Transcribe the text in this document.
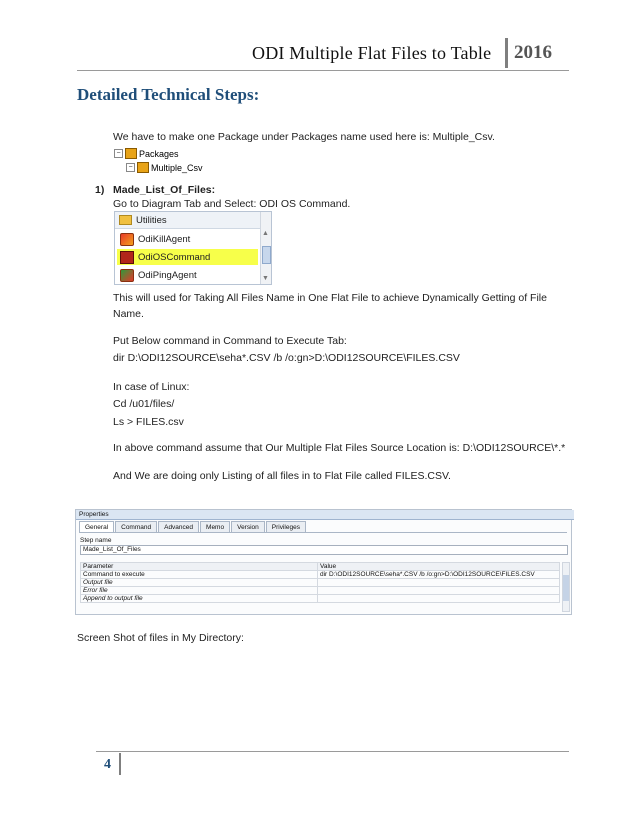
ODI Multiple Flat Files to Table 2016
Detailed Technical Steps:
We have to make one Package under Packages name used here is: Multiple_Csv.
− Packages
− Multiple_Csv
1) Made_List_Of_Files:
Go to Diagram Tab and Select: ODI OS Command.
Utilities
OdiKillAgent
OdiOSCommand
OdiPingAgent
▲
▼
This will used for Taking All Files Name in One Flat File to achieve Dynamically Getting of File
Name.
Put Below command in Command to Execute Tab:
dir D:\ODI12SOURCE\seha*.CSV /b /o:gn>D:\ODI12SOURCE\FILES.CSV
In case of Linux:
Cd /u01/files/
Ls > FILES.csv
In above command assume that Our Multiple Flat Files Source Location is: D:\ODI12SOURCE\*.*
And We are doing only Listing of all files in to Flat File called FILES.CSV.
Properties
General	Command	Advanced	Memo	Version	Privileges
Step name
Made_List_Of_Files
Parameter	Value
Command to execute	dir D:\ODI12SOURCE\seha*.CSV /b /o:gn>D:\ODI12SOURCE\FILES.CSV
Output file	
Error file	
Append to output file	
Screen Shot of files in My Directory:
4
